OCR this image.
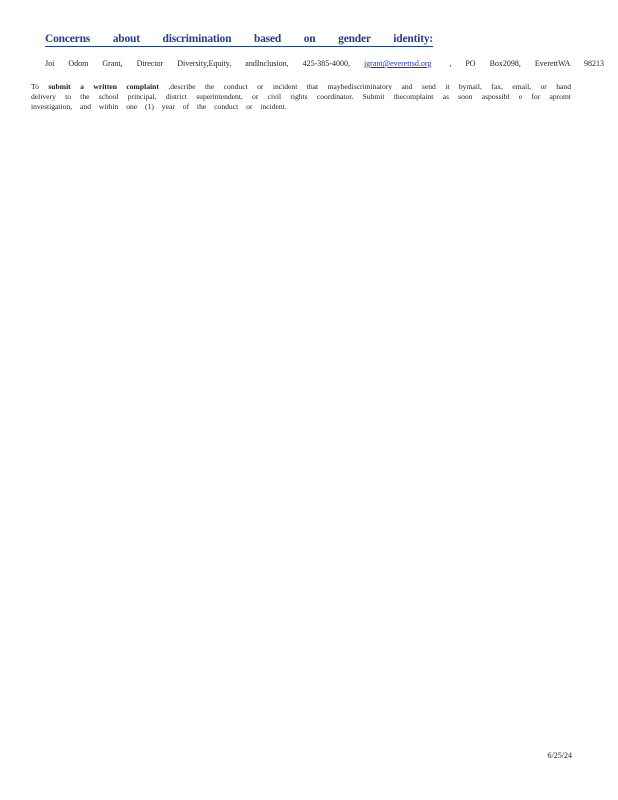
Concerns about discrimination based on gender identity:
Joi Odom Grant, Director Diversity,Equity, andInclusion, 425-385-4000, jgrant@everettsd.org , PO Box2098, EverettWA 98213
To submit a written complaint ,describe the conduct or incident that maybediscriminatory and send it bymail, fax, email, or hand
delivery to the school principal, district superintendent, or civil rights coordinator. Submit thecomplaint as soon aspossibl e for apromt
investigation, and within one (1) year of the conduct or incident.
6/25/24
